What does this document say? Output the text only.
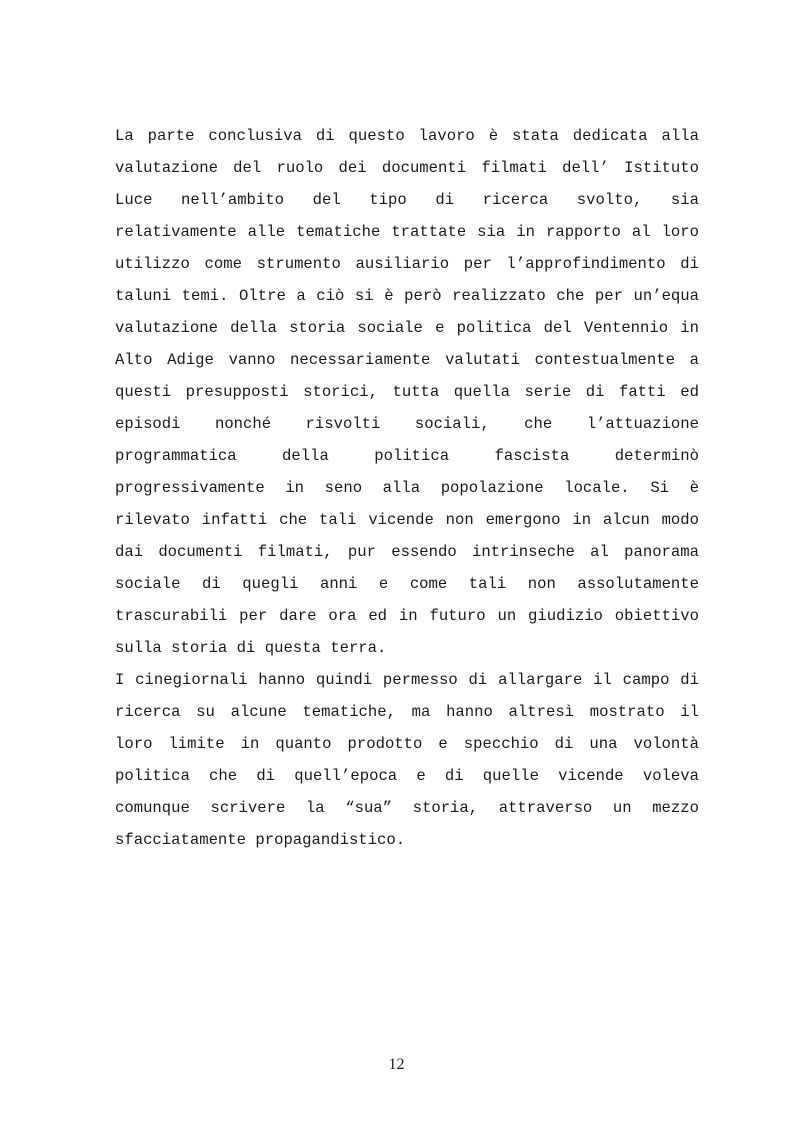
La parte conclusiva di questo lavoro è stata dedicata alla
valutazione del ruolo dei documenti filmati dell’ Istituto
Luce nell’ambito del tipo di ricerca svolto, sia
relativamente alle tematiche trattate sia in rapporto al loro
utilizzo come strumento ausiliario per l’approfindimento di
taluni temi. Oltre a ciò si è però realizzato che per un’equa
valutazione della storia sociale e politica del Ventennio in
Alto Adige vanno necessariamente valutati contestualmente a
questi presupposti storici, tutta quella serie di fatti ed
episodi nonché risvolti sociali, che l’attuazione
programmatica della politica fascista determinò
progressivamente in seno alla popolazione locale. Si è
rilevato infatti che tali vicende non emergono in alcun modo
dai documenti filmati, pur essendo intrinseche al panorama
sociale di quegli anni e come tali non assolutamente
trascurabili per dare ora ed in futuro un giudizio obiettivo
sulla storia di questa terra.
I cinegiornali hanno quindi permesso di allargare il campo di
ricerca su alcune tematiche, ma hanno altresì mostrato il
loro limite in quanto prodotto e specchio di una volontà
politica che di quell’epoca e di quelle vicende voleva
comunque scrivere la “sua” storia, attraverso un mezzo
sfacciatamente propagandistico.
12
